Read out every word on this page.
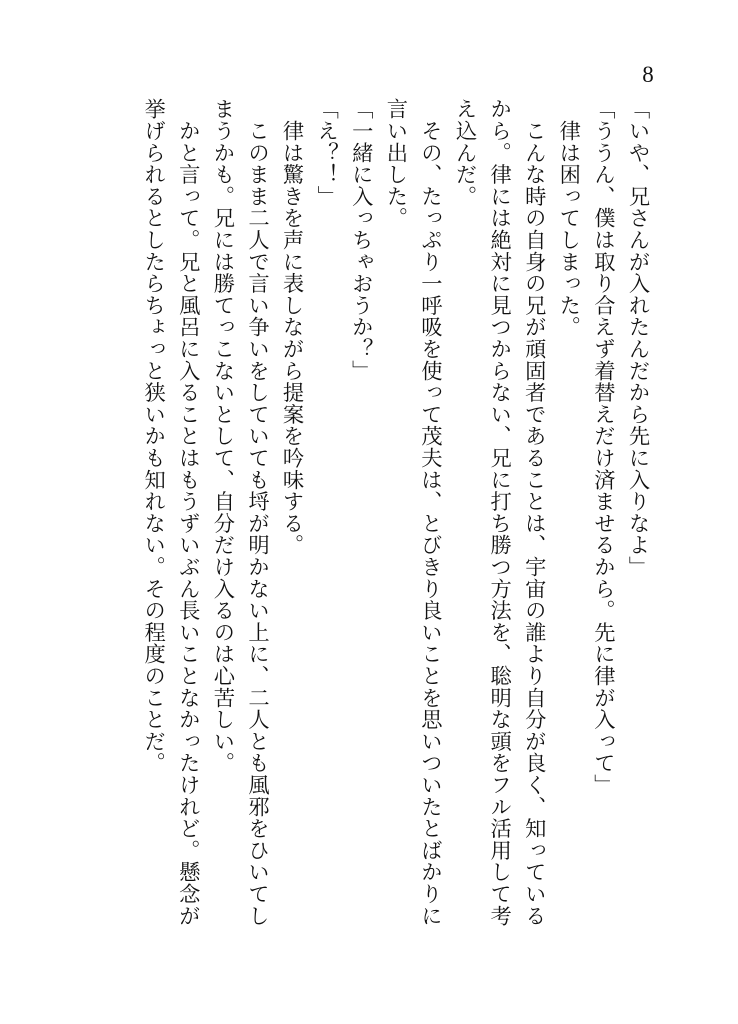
8
「いや、兄さんが入れたんだから先に入りなよ」
「ううん、僕は取り合えず着替えだけ済ませるから。先に律が入って」
　律は困ってしまった。
　こんな時の自身の兄が頑固者であることは、宇宙の誰より自分が良く、知っている
から。律には絶対に見つからない、兄に打ち勝つ方法を、聡明な頭をフル活用して考
え込んだ。
　その、たっぷり一呼吸を使って茂夫は、とびきり良いことを思いついたとばかりに
言い出した。
「一緒に入っちゃおうか？」
「え？！」
　律は驚きを声に表しながら提案を吟味する。
　このまま二人で言い争いをしていても埒が明かない上に、二人とも風邪をひいてし
まうかも。兄には勝てっこないとして、自分だけ入るのは心苦しい。
　かと言って。兄と風呂に入ることはもうずいぶん長いことなかったけれど。懸念が
挙げられるとしたらちょっと狭いかも知れない。その程度のことだ。
